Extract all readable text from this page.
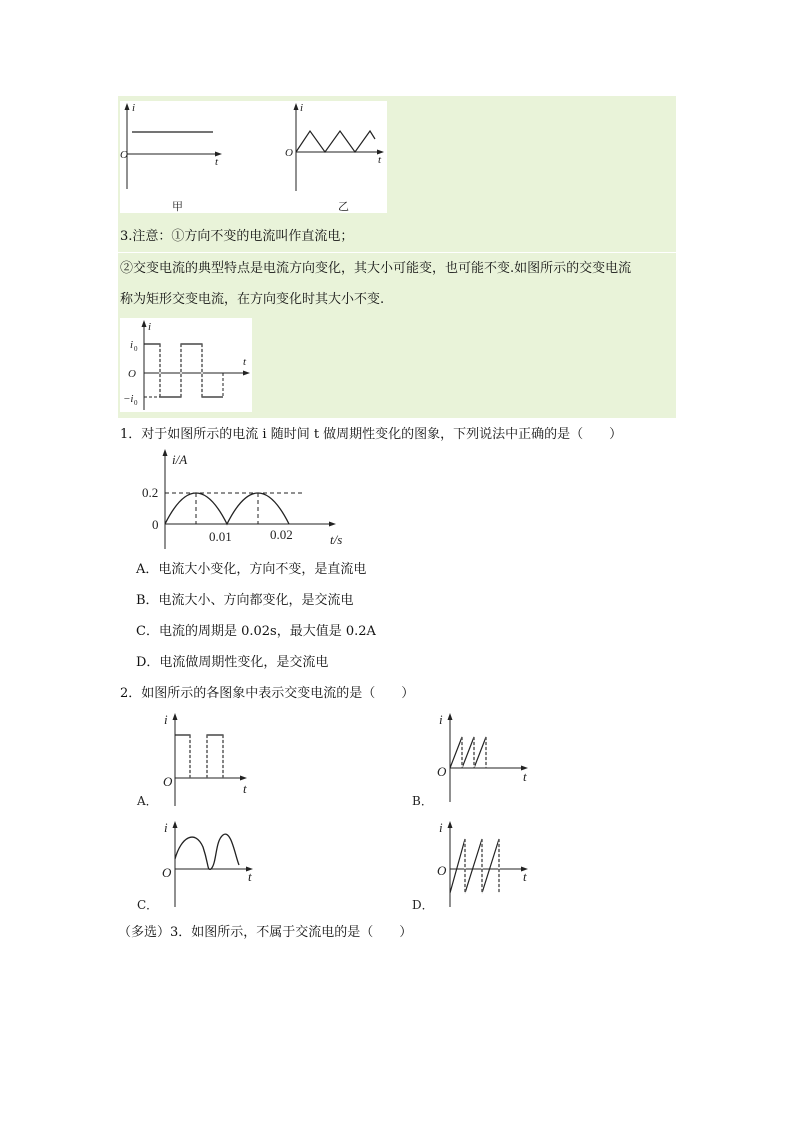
i
O
t
甲
i
O
t
乙
3.注意：①方向不变的电流叫作直流电；
②交变电流的典型特点是电流方向变化，其大小可能变，也可能不变.如图所示的交变电流
称为矩形交变电流，在方向变化时其大小不变.
i
t
O
i 0
−i 0
1．对于如图所示的电流 i 随时间 t 做周期性变化的图象，下列说法中正确的是（　　）
i/A
0.2
0
0.01	0.02	t/s
A．电流大小变化，方向不变，是直流电
B．电流大小、方向都变化，是交流电
C．电流的周期是 0.02s，最大值是 0.2A
D．电流做周期性变化，是交流电
2．如图所示的各图象中表示交变电流的是（　　）
i
O	t
A．
i
O	t
B．
i
O	t
C．
i
O	t
D．
（多选）3．如图所示，不属于交流电的是（　　）
